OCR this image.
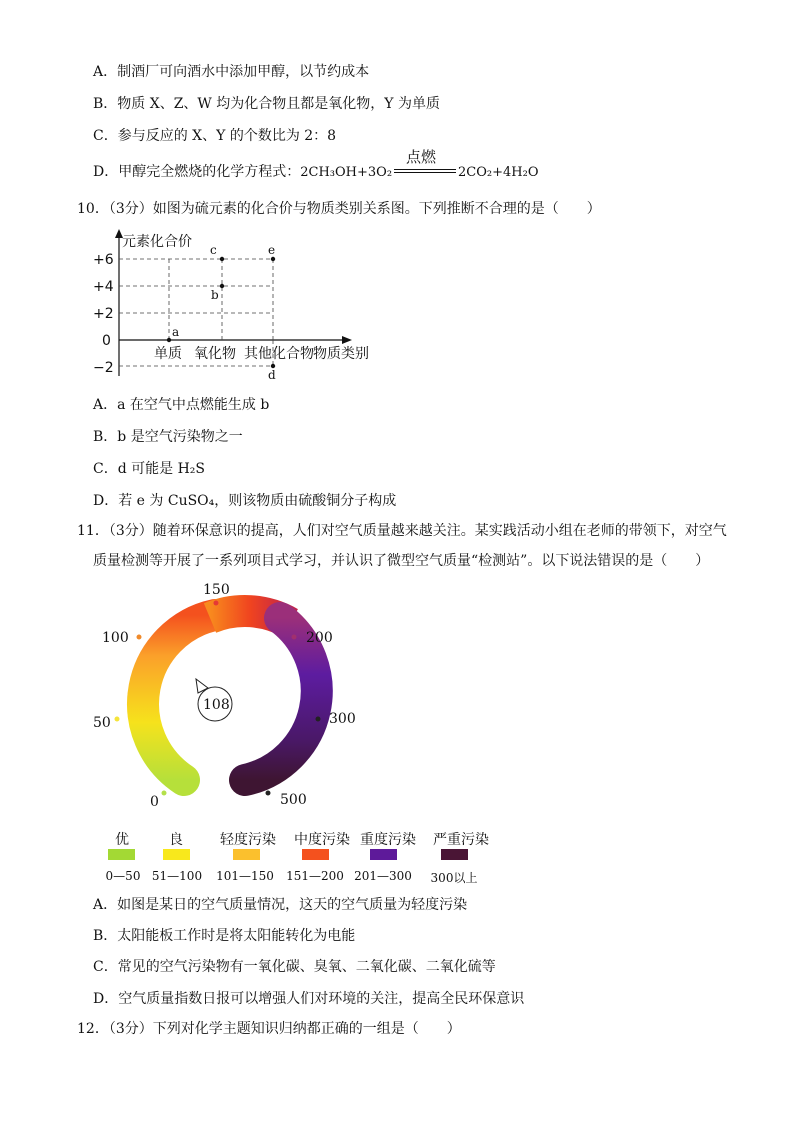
A．制酒厂可向酒水中添加甲醇，以节约成本
B．物质 X、Z、W 均为化合物且都是氧化物，Y 为单质
C．参与反应的 X、Y 的个数比为 2：8
D．甲醇完全燃烧的化学方程式：2CH₃OH+3O₂
点燃
2CO₂+4H₂O
10．（3分）如图为硫元素的化合价与物质类别关系图。下列推断不合理的是（　　）
元素化合价
+6
+4
+2
0
−2
单质 氧化物 其他化合物 物质类别
a
b
c
d
e
A．a 在空气中点燃能生成 b
B．b 是空气污染物之一
C．d 可能是 H₂S
D．若 e 为 CuSO₄，则该物质由硫酸铜分子构成
11．（3分）随着环保意识的提高，人们对空气质量越来越关注。某实践活动小组在老师的带领下，对空气
质量检测等开展了一系列项目式学习，并认识了微型空气质量“检测站”。以下说法错误的是（　　）
150
100	200
50	300
0	500
108
优	良	轻度污染	中度污染 重度污染	严重污染
0—50 51—100	101—150	151—200 201—300	300以上
A．如图是某日的空气质量情况，这天的空气质量为轻度污染
B．太阳能板工作时是将太阳能转化为电能
C．常见的空气污染物有一氧化碳、臭氧、二氧化碳、二氧化硫等
D．空气质量指数日报可以增强人们对环境的关注，提高全民环保意识
12．（3分）下列对化学主题知识归纳都正确的一组是（　　）
